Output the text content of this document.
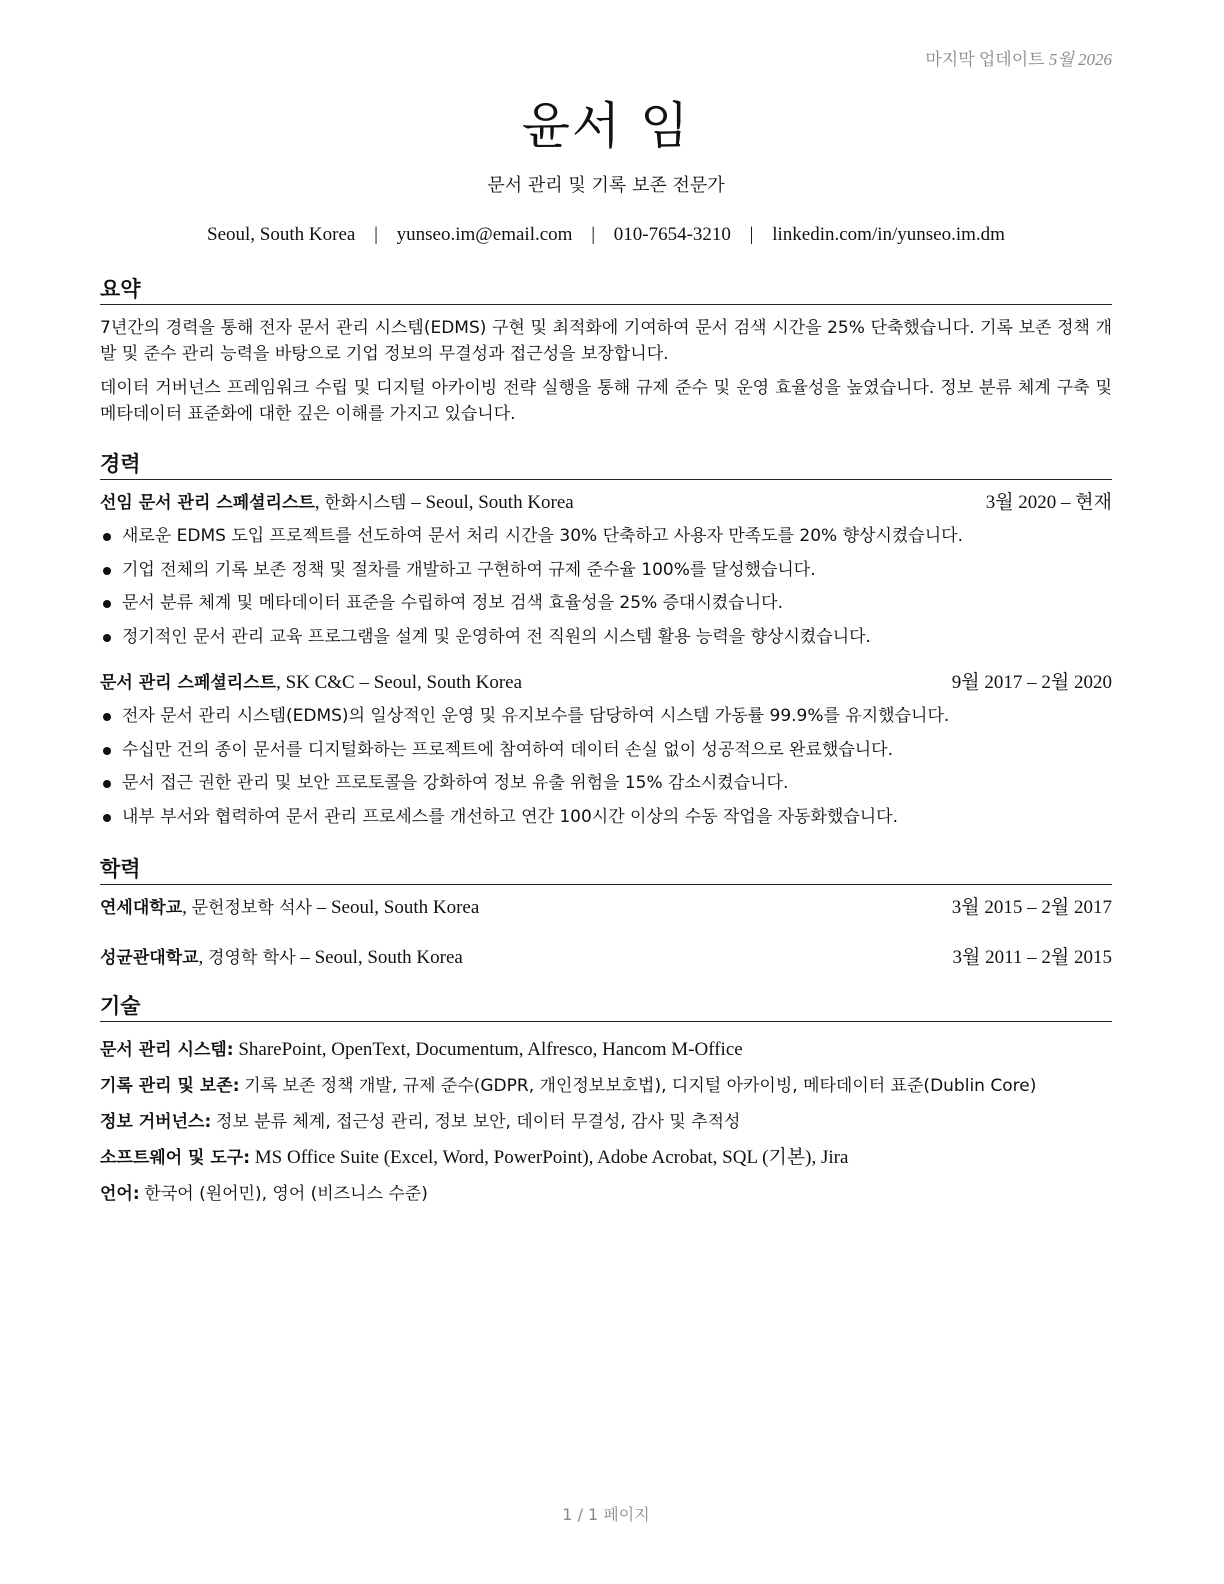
마지막 업데이트 5월 2026
윤서 임
문서 관리 및 기록 보존 전문가
Seoul, South Korea | yunseo.im@email.com | 010-7654-3210 | linkedin.com/in/yunseo.im.dm
요약

7년간의 경력을 통해 전자 문서 관리 시스템(EDMS) 구현 및 최적화에 기여하여 문서 검색 시간을 25% 단축했습니다. 기록 보존 정책 개발 및 준수 관리 능력을 바탕으로 기업 정보의 무결성과 접근성을 보장합니다.

데이터 거버넌스 프레임워크 수립 및 디지털 아카이빙 전략 실행을 통해 규제 준수 및 운영 효율성을 높였습니다. 정보 분류 체계 구축 및 메타데이터 표준화에 대한 깊은 이해를 가지고 있습니다.

경력
선임 문서 관리 스페셜리스트, 한화시스템 – Seoul, South Korea	3월 2020 – 현재
새로운 EDMS 도입 프로젝트를 선도하여 문서 처리 시간을 30% 단축하고 사용자 만족도를 20% 향상시켰습니다.
기업 전체의 기록 보존 정책 및 절차를 개발하고 구현하여 규제 준수율 100%를 달성했습니다.
문서 분류 체계 및 메타데이터 표준을 수립하여 정보 검색 효율성을 25% 증대시켰습니다.
정기적인 문서 관리 교육 프로그램을 설계 및 운영하여 전 직원의 시스템 활용 능력을 향상시켰습니다.
문서 관리 스페셜리스트, SK C&C – Seoul, South Korea	9월 2017 – 2월 2020
전자 문서 관리 시스템(EDMS)의 일상적인 운영 및 유지보수를 담당하여 시스템 가동률 99.9%를 유지했습니다.
수십만 건의 종이 문서를 디지털화하는 프로젝트에 참여하여 데이터 손실 없이 성공적으로 완료했습니다.
문서 접근 권한 관리 및 보안 프로토콜을 강화하여 정보 유출 위험을 15% 감소시켰습니다.
내부 부서와 협력하여 문서 관리 프로세스를 개선하고 연간 100시간 이상의 수동 작업을 자동화했습니다.
학력
연세대학교, 문헌정보학 석사 – Seoul, South Korea	3월 2015 – 2월 2017
성균관대학교, 경영학 학사 – Seoul, South Korea	3월 2011 – 2월 2015
기술
문서 관리 시스템: SharePoint, OpenText, Documentum, Alfresco, Hancom M-Office
기록 관리 및 보존: 기록 보존 정책 개발, 규제 준수(GDPR, 개인정보보호법), 디지털 아카이빙, 메타데이터 표준(Dublin Core)
정보 거버넌스: 정보 분류 체계, 접근성 관리, 정보 보안, 데이터 무결성, 감사 및 추적성
소프트웨어 및 도구: MS Office Suite (Excel, Word, PowerPoint), Adobe Acrobat, SQL (기본), Jira
언어: 한국어 (원어민), 영어 (비즈니스 수준)
1 / 1 페이지
